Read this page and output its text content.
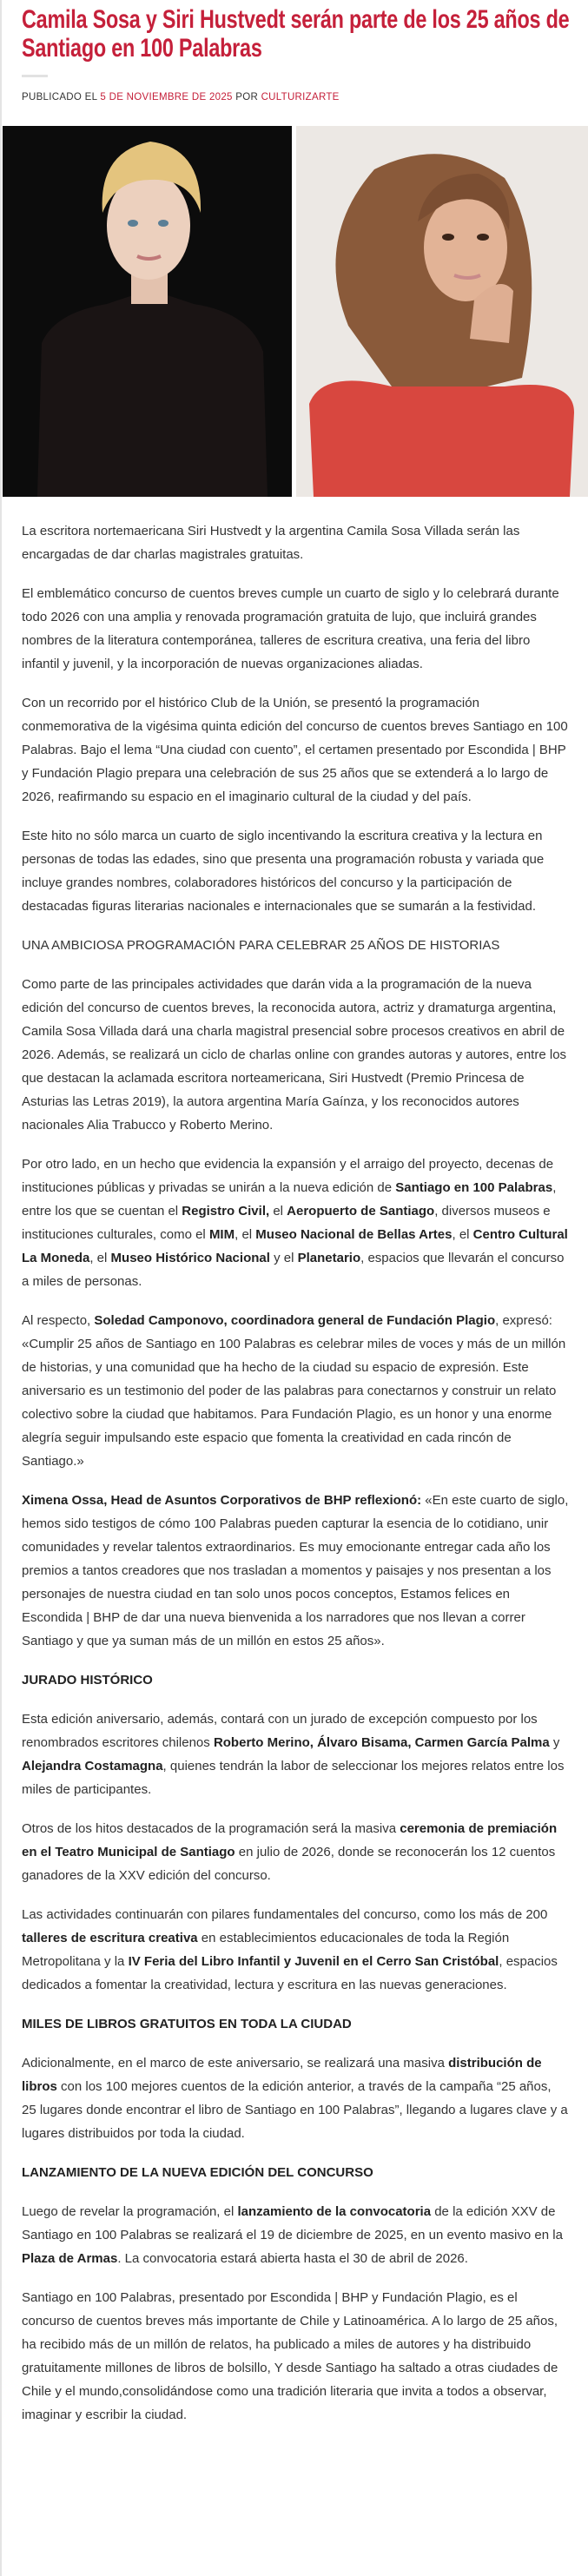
Camila Sosa y Siri Hustvedt serán parte de los 25 años de Santiago en 100 Palabras
PUBLICADO EL 5 DE NOVIEMBRE DE 2025 POR CULTURIZARTE

La escritora nortemaericana Siri Hustvedt y la argentina Camila Sosa Villada serán las encargadas de dar charlas magistrales gratuitas.

El emblemático concurso de cuentos breves cumple un cuarto de siglo y lo celebrará durante todo 2026 con una amplia y renovada programación gratuita de lujo, que incluirá grandes nombres de la literatura contemporánea, talleres de escritura creativa, una feria del libro infantil y juvenil, y la incorporación de nuevas organizaciones aliadas.

Con un recorrido por el histórico Club de la Unión, se presentó la programación conmemorativa de la vigésima quinta edición del concurso de cuentos breves Santiago en 100 Palabras. Bajo el lema “Una ciudad con cuento”, el certamen presentado por Escondida | BHP y Fundación Plagio prepara una celebración de sus 25 años que se extenderá a lo largo de 2026, reafirmando su espacio en el imaginario cultural de la ciudad y del país.

Este hito no sólo marca un cuarto de siglo incentivando la escritura creativa y la lectura en personas de todas las edades, sino que presenta una programación robusta y variada que incluye grandes nombres, colaboradores históricos del concurso y la participación de destacadas figuras literarias nacionales e internacionales que se sumarán a la festividad.

UNA AMBICIOSA PROGRAMACIÓN PARA CELEBRAR 25 AÑOS DE HISTORIAS

Como parte de las principales actividades que darán vida a la programación de la nueva edición del concurso de cuentos breves, la reconocida autora, actriz y dramaturga argentina, Camila Sosa Villada dará una charla magistral presencial sobre procesos creativos en abril de 2026. Además, se realizará un ciclo de charlas online con grandes autoras y autores, entre los que destacan la aclamada escritora norteamericana, Siri Hustvedt (Premio Princesa de Asturias las Letras 2019), la autora argentina María Gaínza, y los reconocidos autores nacionales Alia Trabucco y Roberto Merino.

Por otro lado, en un hecho que evidencia la expansión y el arraigo del proyecto, decenas de instituciones públicas y privadas se unirán a la nueva edición de Santiago en 100 Palabras, entre los que se cuentan el Registro Civil, el Aeropuerto de Santiago, diversos museos e instituciones culturales, como el MIM, el Museo Nacional de Bellas Artes, el Centro Cultural La Moneda, el Museo Histórico Nacional y el Planetario, espacios que llevarán el concurso a miles de personas.

Al respecto, Soledad Camponovo, coordinadora general de Fundación Plagio, expresó: «Cumplir 25 años de Santiago en 100 Palabras es celebrar miles de voces y más de un millón de historias, y una comunidad que ha hecho de la ciudad su espacio de expresión. Este aniversario es un testimonio del poder de las palabras para conectarnos y construir un relato colectivo sobre la ciudad que habitamos. Para Fundación Plagio, es un honor y una enorme alegría seguir impulsando este espacio que fomenta la creatividad en cada rincón de Santiago.»

Ximena Ossa, Head de Asuntos Corporativos de BHP reflexionó: «En este cuarto de siglo, hemos sido testigos de cómo 100 Palabras pueden capturar la esencia de lo cotidiano, unir comunidades y revelar talentos extraordinarios. Es muy emocionante entregar cada año los premios a tantos creadores que nos trasladan a momentos y paisajes y nos presentan a los personajes de nuestra ciudad en tan solo unos pocos conceptos, Estamos felices en Escondida | BHP de dar una nueva bienvenida a los narradores que nos llevan a correr Santiago y que ya suman más de un millón en estos 25 años».

JURADO HISTÓRICO

Esta edición aniversario, además, contará con un jurado de excepción compuesto por los renombrados escritores chilenos Roberto Merino, Álvaro Bisama, Carmen García Palma y Alejandra Costamagna, quienes tendrán la labor de seleccionar los mejores relatos entre los miles de participantes.

Otros de los hitos destacados de la programación será la masiva ceremonia de premiación en el Teatro Municipal de Santiago en julio de 2026, donde se reconocerán los 12 cuentos ganadores de la XXV edición del concurso.

Las actividades continuarán con pilares fundamentales del concurso, como los más de 200 talleres de escritura creativa en establecimientos educacionales de toda la Región Metropolitana y la IV Feria del Libro Infantil y Juvenil en el Cerro San Cristóbal, espacios dedicados a fomentar la creatividad, lectura y escritura en las nuevas generaciones.

MILES DE LIBROS GRATUITOS EN TODA LA CIUDAD

Adicionalmente, en el marco de este aniversario, se realizará una masiva distribución de libros con los 100 mejores cuentos de la edición anterior, a través de la campaña “25 años, 25 lugares donde encontrar el libro de Santiago en 100 Palabras”, llegando a lugares clave y a lugares distribuidos por toda la ciudad.

LANZAMIENTO DE LA NUEVA EDICIÓN DEL CONCURSO

Luego de revelar la programación, el lanzamiento de la convocatoria de la edición XXV de Santiago en 100 Palabras se realizará el 19 de diciembre de 2025, en un evento masivo en la Plaza de Armas. La convocatoria estará abierta hasta el 30 de abril de 2026.

Santiago en 100 Palabras, presentado por Escondida | BHP y Fundación Plagio, es el concurso de cuentos breves más importante de Chile y Latinoamérica. A lo largo de 25 años, ha recibido más de un millón de relatos, ha publicado a miles de autores y ha distribuido gratuitamente millones de libros de bolsillo, Y desde Santiago ha saltado a otras ciudades de Chile y el mundo,consolidándose como una tradición literaria que invita a todos a observar, imaginar y escribir la ciudad.
